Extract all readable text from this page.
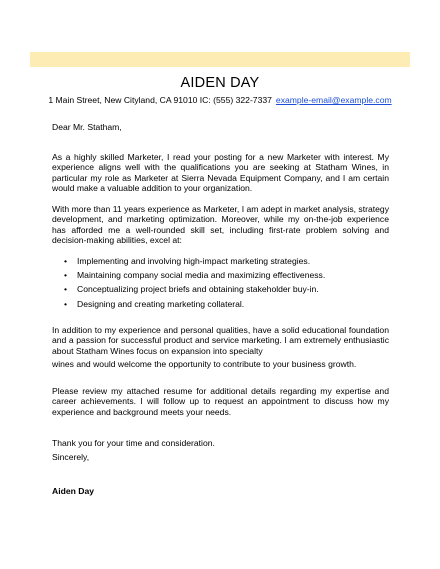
AIDEN DAY
1 Main Street, New Cityland, CA 91010 IC: (555) 322-7337 example-email@example.com
Dear Mr. Statham,
As a highly skilled Marketer, I read your posting for a new Marketer with interest. My experience aligns well with the qualifications you are seeking at Statham Wines, in particular my role as Marketer at Sierra Nevada Equipment Company, and I am certain would make a valuable addition to your organization.
With more than 11 years experience as Marketer, I am adept in market analysis, strategy development, and marketing optimization. Moreover, while my on-the-job experience has afforded me a well-rounded skill set, including first-rate problem solving and decision-making abilities, excel at:
• Implementing and involving high-impact marketing strategies.
• Maintaining company social media and maximizing effectiveness.
• Conceptualizing project briefs and obtaining stakeholder buy-in.
• Designing and creating marketing collateral.
In addition to my experience and personal qualities, have a solid educational foundation and a passion for successful product and service marketing. I am extremely enthusiastic about Statham Wines focus on expansion into specialty
wines and would welcome the opportunity to contribute to your business growth.
Please review my attached resume for additional details regarding my expertise and career achievements. I will follow up to request an appointment to discuss how my experience and background meets your needs.
Thank you for your time and consideration.
Sincerely,
Aiden Day
